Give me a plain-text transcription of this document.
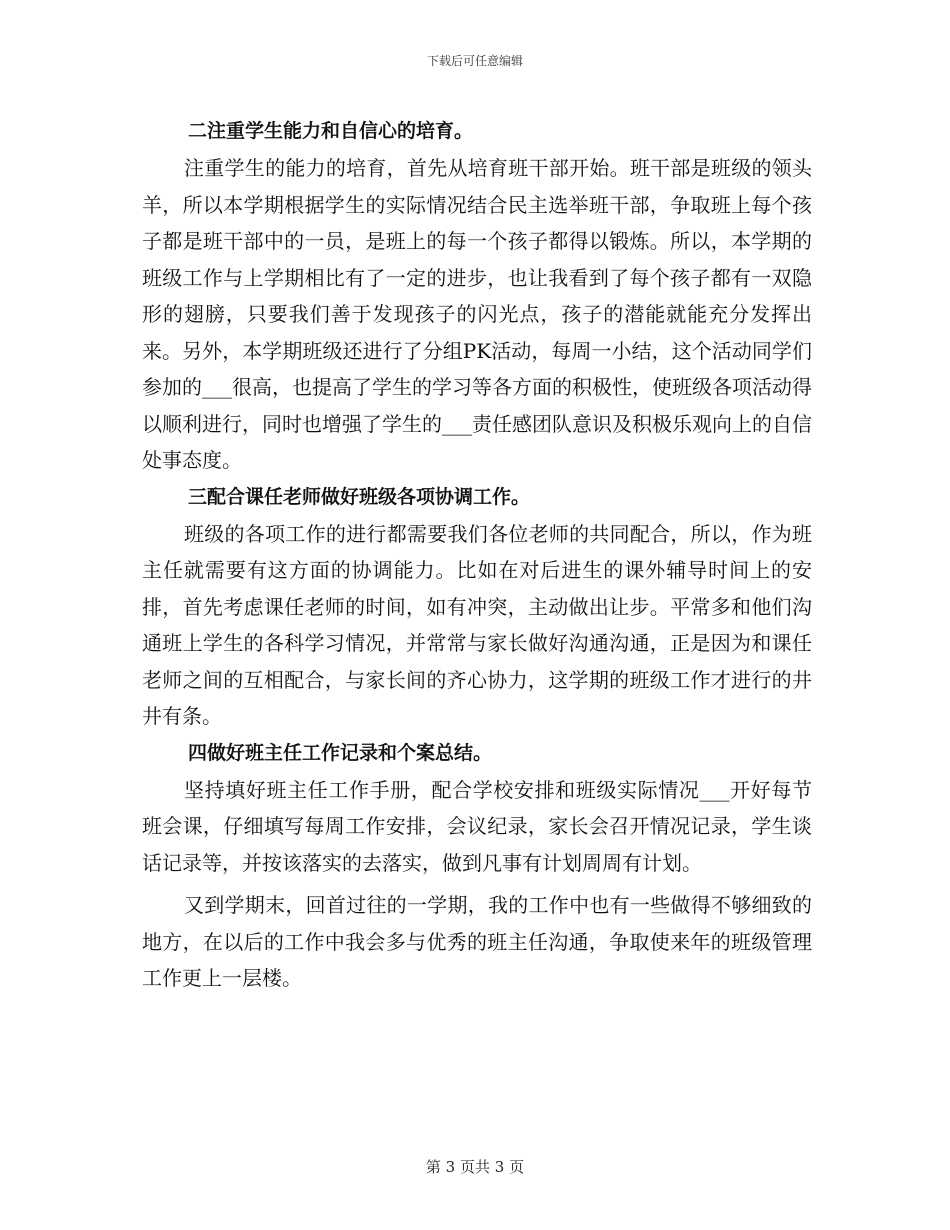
下载后可任意编辑
二注重学生能力和自信心的培育。

注重学生的能力的培育，首先从培育班干部开始。班干部是班级的领头羊，所以本学期根据学生的实际情况结合民主选举班干部，争取班上每个孩子都是班干部中的一员，是班上的每一个孩子都得以锻炼。所以，本学期的班级工作与上学期相比有了一定的进步，也让我看到了每个孩子都有一双隐形的翅膀，只要我们善于发现孩子的闪光点，孩子的潜能就能充分发挥出来。另外，本学期班级还进行了分组PK活动，每周一小结，这个活动同学们参加的___很高，也提高了学生的学习等各方面的积极性，使班级各项活动得以顺利进行，同时也增强了学生的___责任感团队意识及积极乐观向上的自信处事态度。

三配合课任老师做好班级各项协调工作。

班级的各项工作的进行都需要我们各位老师的共同配合，所以，作为班主任就需要有这方面的协调能力。比如在对后进生的课外辅导时间上的安排，首先考虑课任老师的时间，如有冲突，主动做出让步。平常多和他们沟通班上学生的各科学习情况，并常常与家长做好沟通沟通，正是因为和课任老师之间的互相配合，与家长间的齐心协力，这学期的班级工作才进行的井井有条。

四做好班主任工作记录和个案总结。

坚持填好班主任工作手册，配合学校安排和班级实际情况___开好每节班会课，仔细填写每周工作安排，会议纪录，家长会召开情况记录，学生谈话记录等，并按该落实的去落实，做到凡事有计划周周有计划。

又到学期末，回首过往的一学期，我的工作中也有一些做得不够细致的地方，在以后的工作中我会多与优秀的班主任沟通，争取使来年的班级管理工作更上一层楼。

第 3 页共 3 页
